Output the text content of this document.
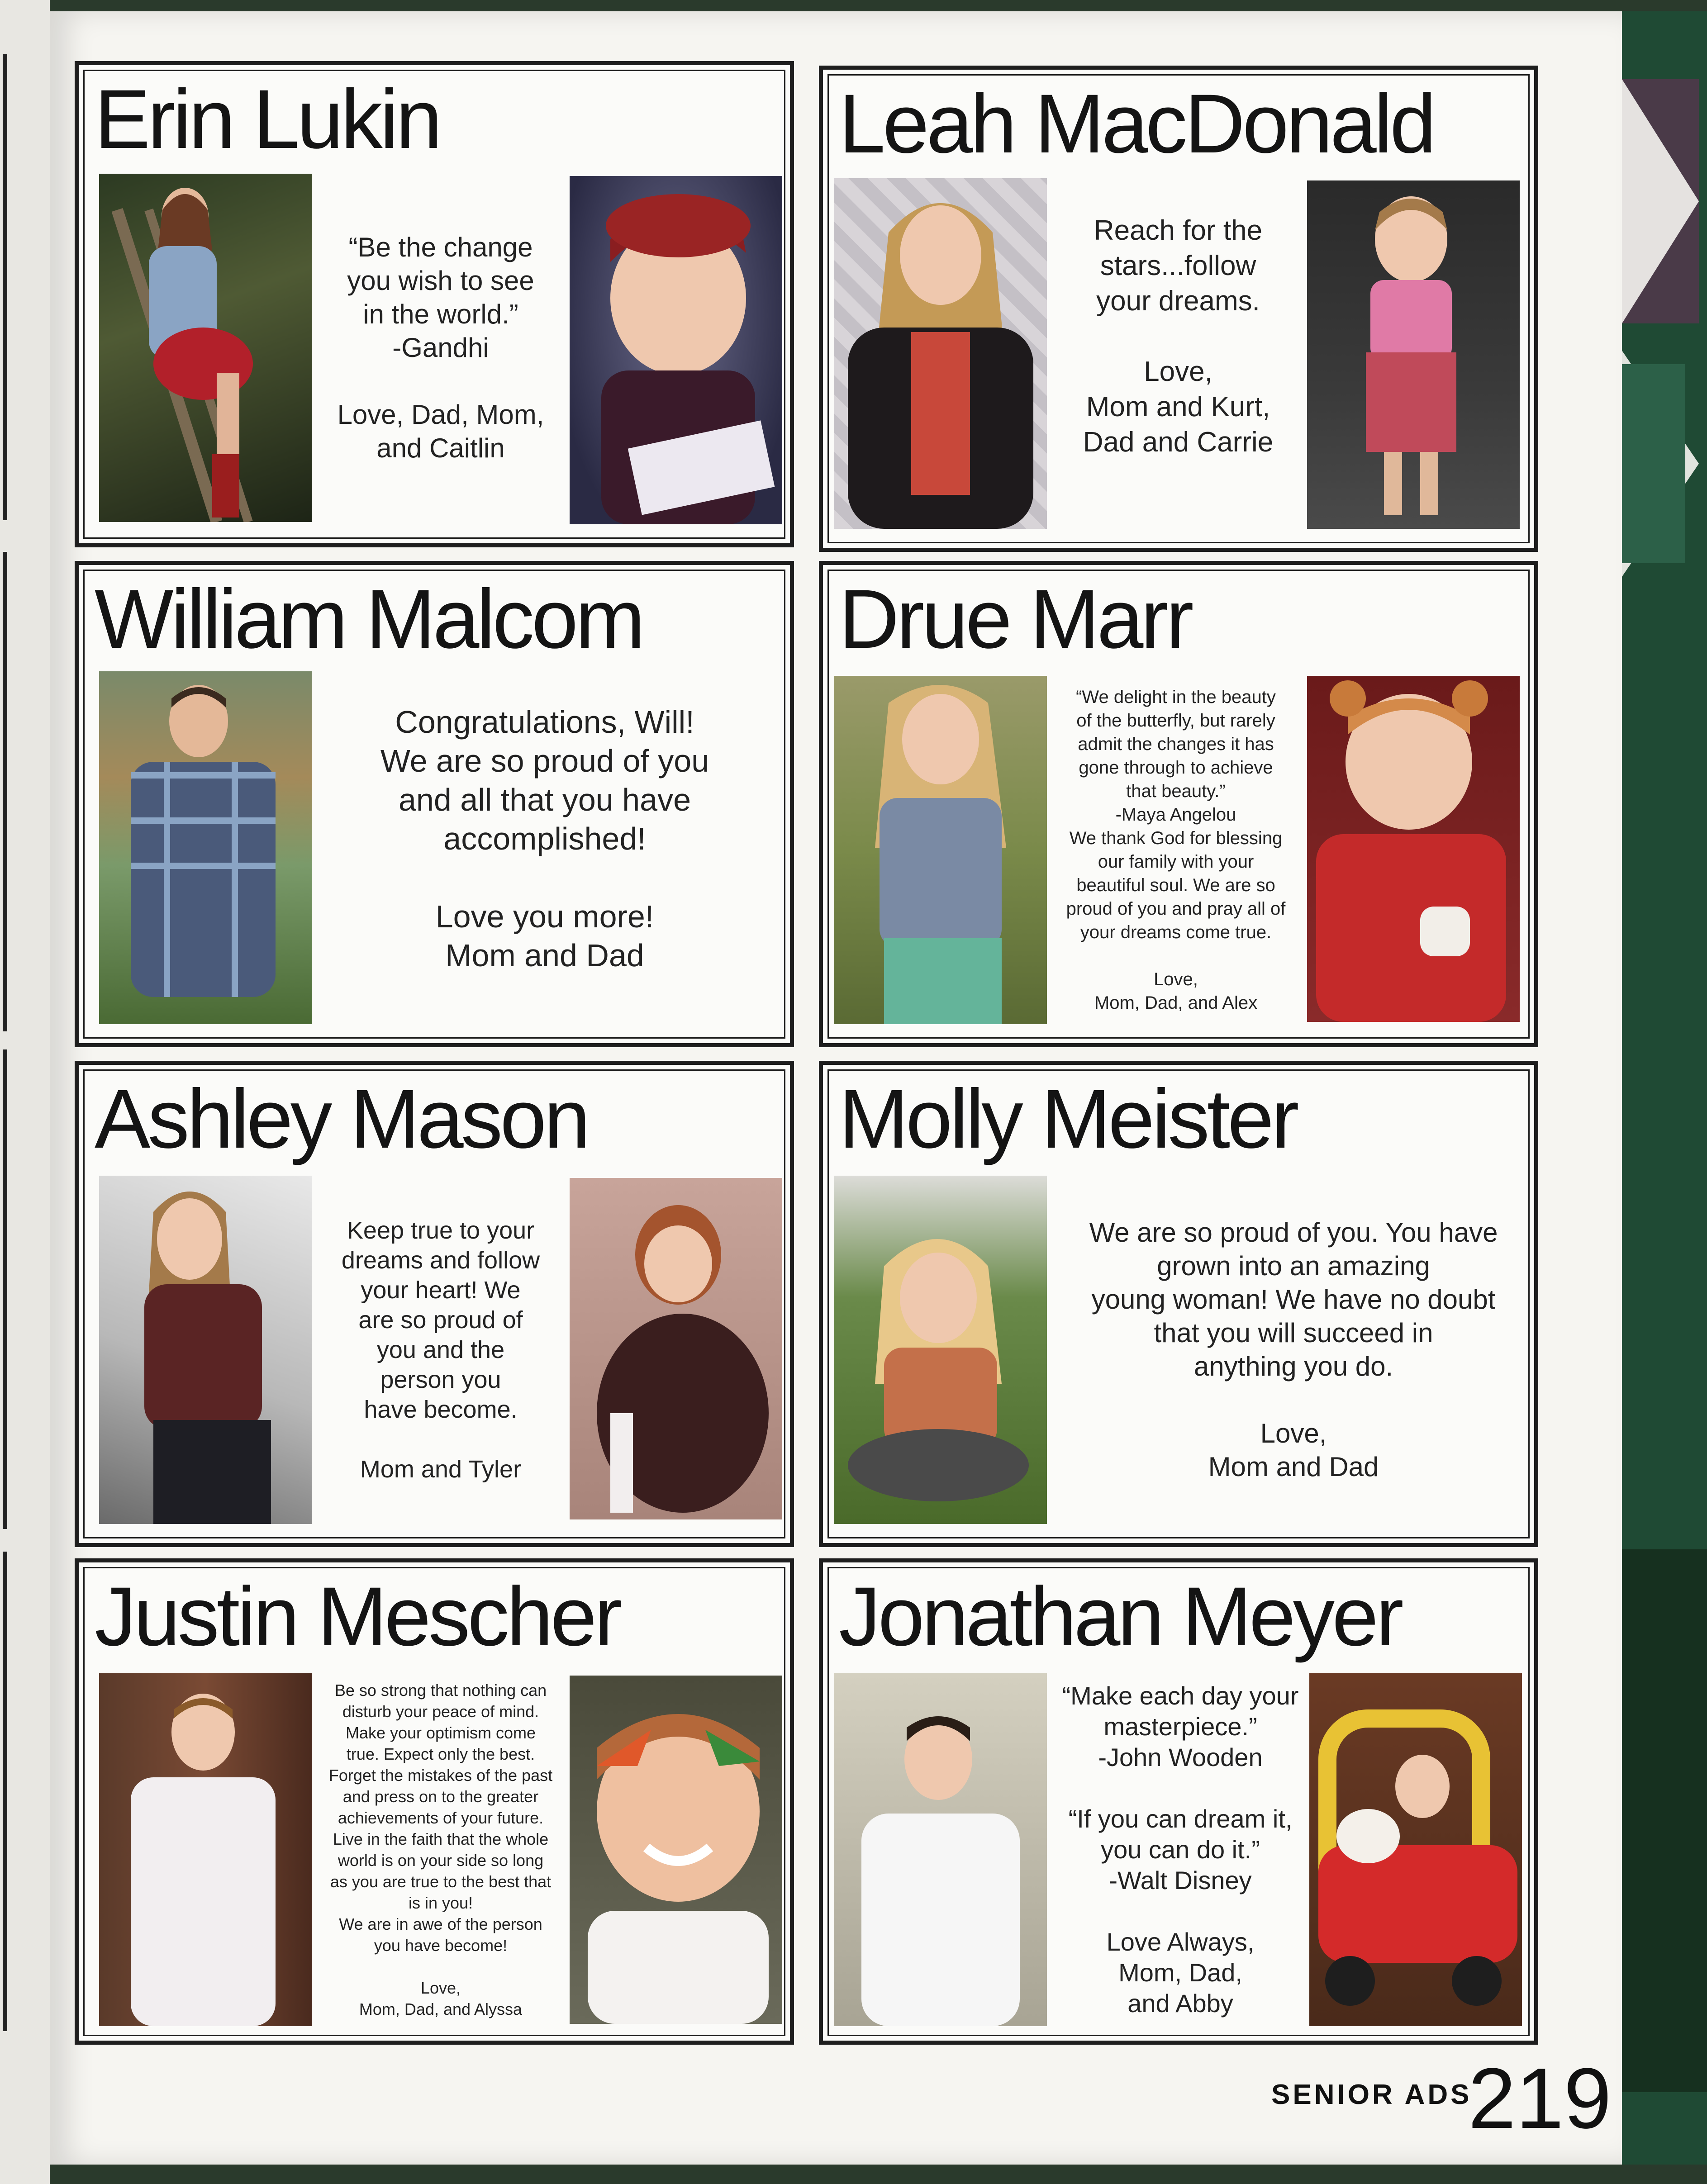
Erin Lukin

“Be the change

you wish to see

in the world.”

-Gandhi

Love, Dad, Mom,

and Caitlin

Leah MacDonald

Reach for the

stars...follow

your dreams.

Love,

Mom and Kurt,

Dad and Carrie

William Malcom

Congratulations, Will!

We are so proud of you

and all that you have

accomplished!

Love you more!

Mom and Dad

Drue Marr

“We delight in the beauty

of the butterfly, but rarely

admit the changes it has

gone through to achieve

that beauty.”

-Maya Angelou

We thank God for blessing

our family with your

beautiful soul. We are so

proud of you and pray all of

your dreams come true.

Love,

Mom, Dad, and Alex

Ashley Mason

Keep true to your

dreams and follow

your heart! We

are so proud of

you and the

person you

have become.

Mom and Tyler

Molly Meister

We are so proud of you. You have

grown into an amazing

young woman! We have no doubt

that you will succeed in

anything you do.

Love,

Mom and Dad

Justin Mescher

Be so strong that nothing can

disturb your peace of mind.

Make your optimism come

true. Expect only the best.

Forget the mistakes of the past

and press on to the greater

achievements of your future.

Live in the faith that the whole

world is on your side so long

as you are true to the best that

is in you!

We are in awe of the person

you have become!

Love,

Mom, Dad, and Alyssa

Jonathan Meyer

“Make each day your

masterpiece.”

-John Wooden

“If you can dream it,

you can do it.”

-Walt Disney

Love Always,

Mom, Dad,

and Abby

SENIOR ADS
219
